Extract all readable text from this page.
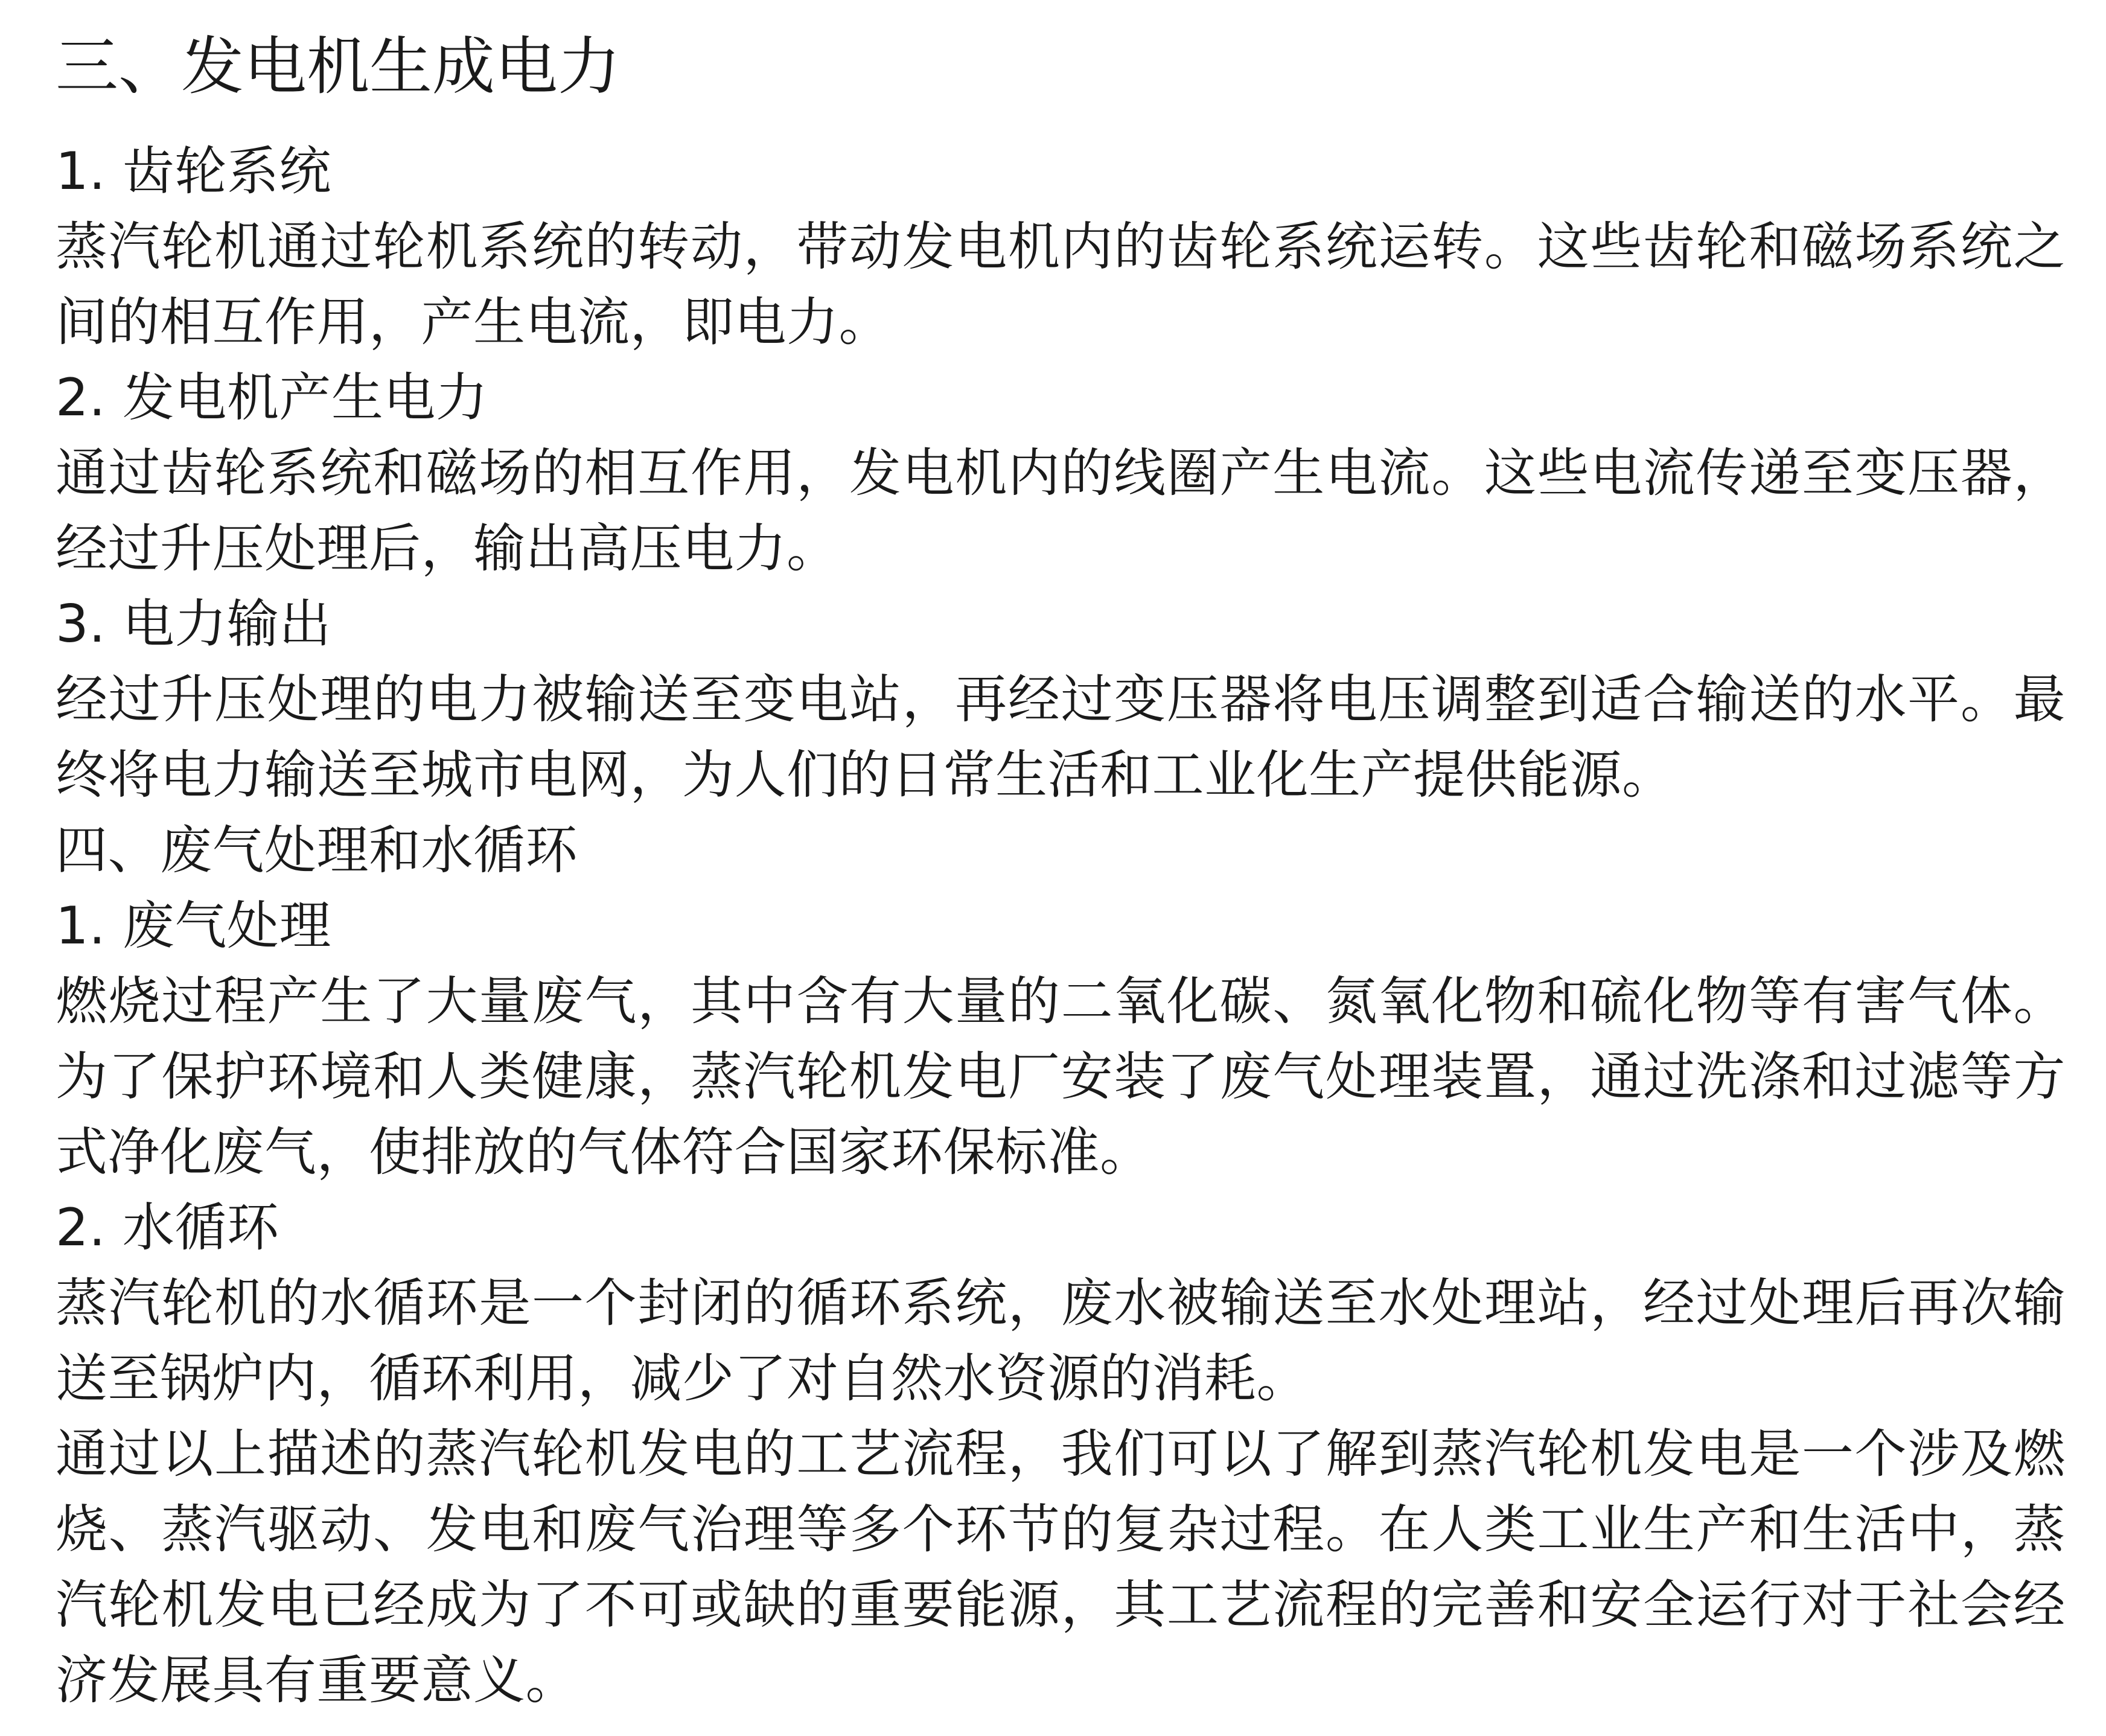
三、发电机生成电力

1. 齿轮系统

蒸汽轮机通过轮机系统的转动，带动发电机内的齿轮系统运转。这些齿轮和磁场系统之间的相互作用，产生电流，即电力。

2. 发电机产生电力

通过齿轮系统和磁场的相互作用，发电机内的线圈产生电流。这些电流传递至变压器，经过升压处理后，输出高压电力。

3. 电力输出

经过升压处理的电力被输送至变电站，再经过变压器将电压调整到适合输送的水平。最终将电力输送至城市电网，为人们的日常生活和工业化生产提供能源。

四、废气处理和水循环

1. 废气处理

燃烧过程产生了大量废气，其中含有大量的二氧化碳、氮氧化物和硫化物等有害气体。为了保护环境和人类健康，蒸汽轮机发电厂安装了废气处理装置，通过洗涤和过滤等方式净化废气，使排放的气体符合国家环保标准。

2. 水循环

蒸汽轮机的水循环是一个封闭的循环系统，废水被输送至水处理站，经过处理后再次输送至锅炉内，循环利用，减少了对自然水资源的消耗。

通过以上描述的蒸汽轮机发电的工艺流程，我们可以了解到蒸汽轮机发电是一个涉及燃烧、蒸汽驱动、发电和废气治理等多个环节的复杂过程。在人类工业生产和生活中，蒸汽轮机发电已经成为了不可或缺的重要能源，其工艺流程的完善和安全运行对于社会经济发展具有重要意义。
